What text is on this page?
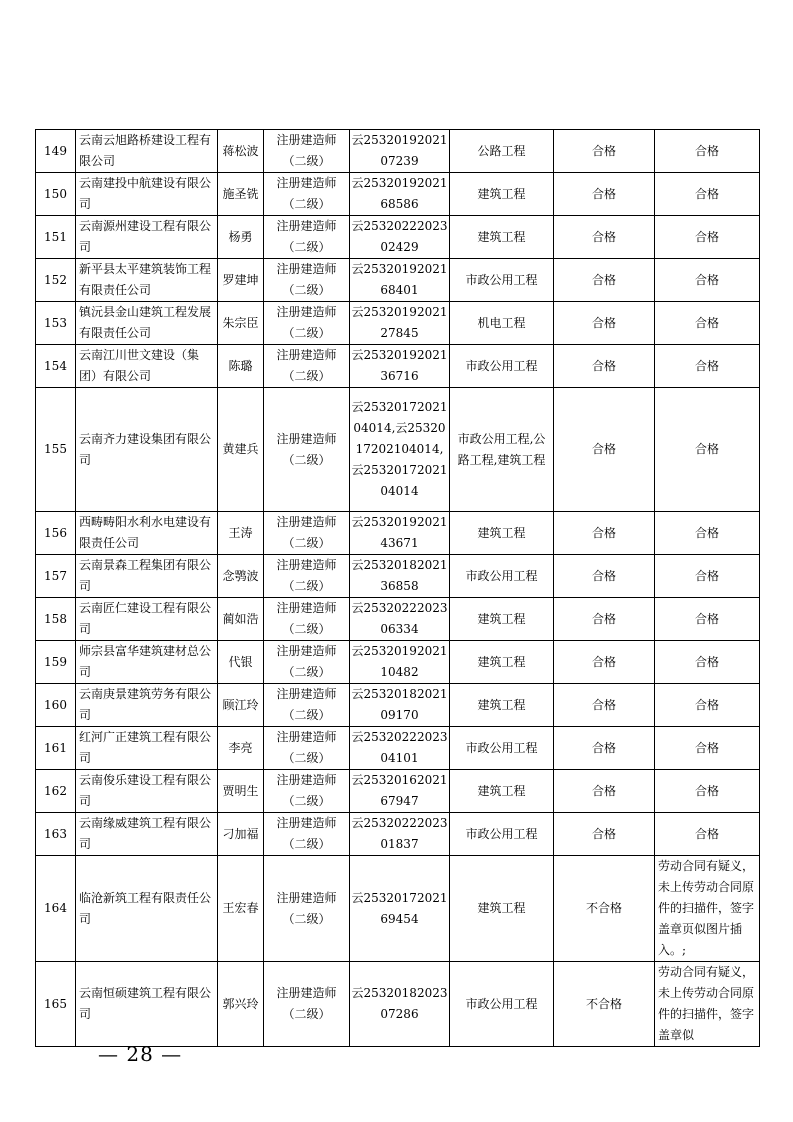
149	云南云旭路桥建设工程有限公司	蒋松波	注册建造师（二级）	云2532019202107239	公路工程	合格	合格
150	云南建投中航建设有限公司	施圣铣	注册建造师（二级）	云2532019202168586	建筑工程	合格	合格
151	云南源州建设工程有限公司	杨勇	注册建造师（二级）	云2532022202302429	建筑工程	合格	合格
152	新平县太平建筑装饰工程有限责任公司	罗建坤	注册建造师（二级）	云2532019202168401	市政公用工程	合格	合格
153	镇沅县金山建筑工程发展有限责任公司	朱宗臣	注册建造师（二级）	云2532019202127845	机电工程	合格	合格
154	云南江川世文建设（集团）有限公司	陈璐	注册建造师（二级）	云2532019202136716	市政公用工程	合格	合格
155	云南齐力建设集团有限公司	黄建兵	注册建造师（二级）	云2532017202104014,云2532017202104014,云2532017202104014	市政公用工程,公路工程,建筑工程	合格	合格
156	西畴畴阳水利水电建设有限责任公司	王涛	注册建造师（二级）	云2532019202143671	建筑工程	合格	合格
157	云南景森工程集团有限公司	念鹗波	注册建造师（二级）	云2532018202136858	市政公用工程	合格	合格
158	云南匠仁建设工程有限公司	蔺如浩	注册建造师（二级）	云2532022202306334	建筑工程	合格	合格
159	师宗县富华建筑建材总公司	代银	注册建造师（二级）	云2532019202110482	建筑工程	合格	合格
160	云南庚景建筑劳务有限公司	顾江玲	注册建造师（二级）	云2532018202109170	建筑工程	合格	合格
161	红河广正建筑工程有限公司	李亮	注册建造师（二级）	云2532022202304101	市政公用工程	合格	合格
162	云南俊乐建设工程有限公司	贾明生	注册建造师（二级）	云2532016202167947	建筑工程	合格	合格
163	云南缘威建筑工程有限公司	刁加福	注册建造师（二级）	云2532022202301837	市政公用工程	合格	合格
164	临沧新筑工程有限责任公司	王宏春	注册建造师（二级）	云2532017202169454	建筑工程	不合格	劳动合同有疑义，未上传劳动合同原件的扫描件，签字盖章页似图片插入。;
165	云南恒硕建筑工程有限公司	郭兴玲	注册建造师（二级）	云2532018202307286	市政公用工程	不合格	劳动合同有疑义，未上传劳动合同原件的扫描件，签字盖章似
— 28 —
